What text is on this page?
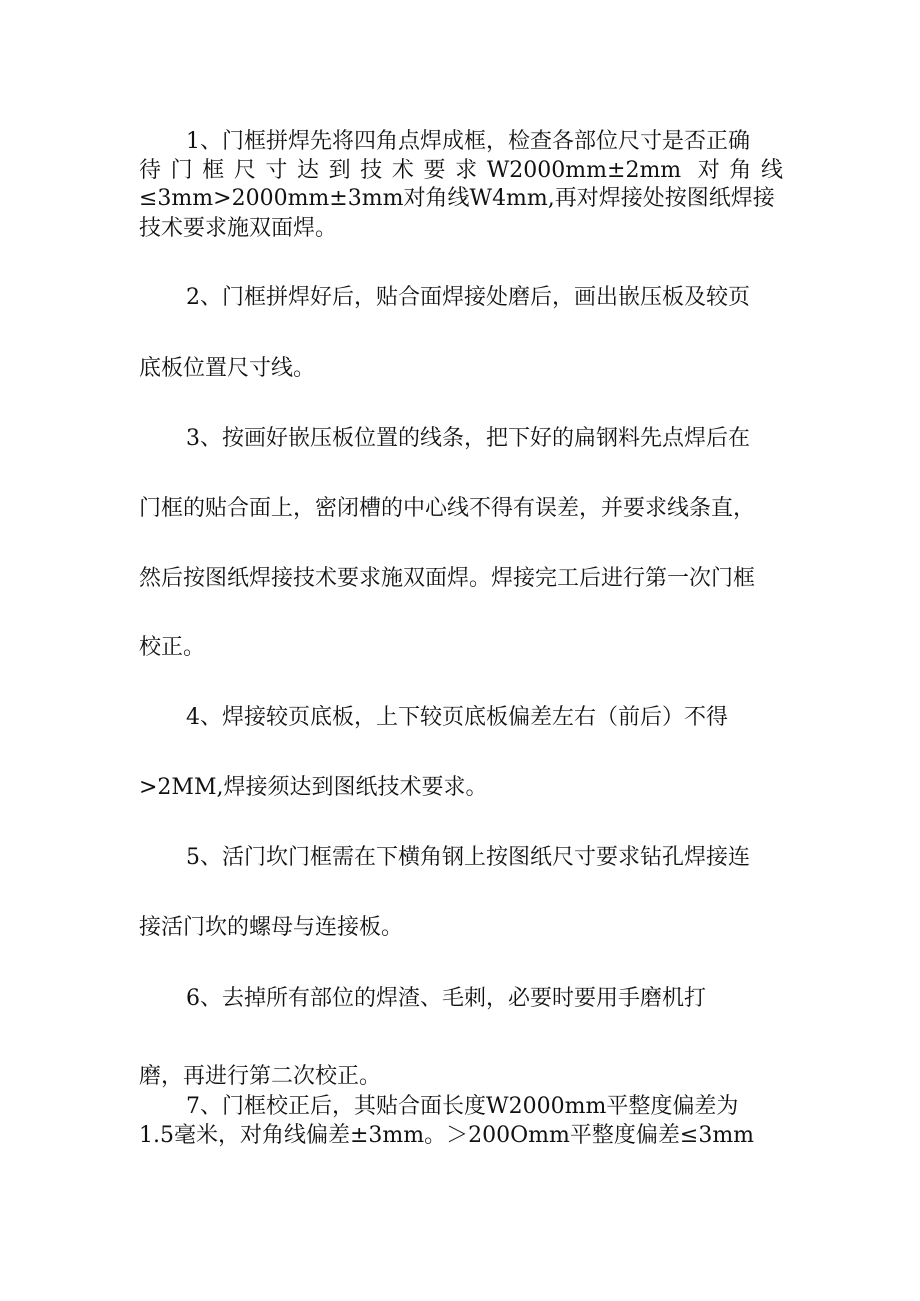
1、门框拼焊先将四角点焊成框，检查各部位尺寸是否正确

待门框尺寸达到技术要求W2000mm±2mm 对角线

≤3mm>2000mm±3mm对角线W4mm,再对焊接处按图纸焊接

技术要求施双面焊。

2、门框拼焊好后，贴合面焊接处磨后，画出嵌压板及较页

底板位置尺寸线。

3、按画好嵌压板位置的线条，把下好的扁钢料先点焊后在

门框的贴合面上，密闭槽的中心线不得有误差，并要求线条直，

然后按图纸焊接技术要求施双面焊。焊接完工后进行第一次门框

校正。

4、焊接较页底板，上下较页底板偏差左右（前后）不得

>2MM,焊接须达到图纸技术要求。

5、活门坎门框需在下横角钢上按图纸尺寸要求钻孔焊接连

接活门坎的螺母与连接板。

6、去掉所有部位的焊渣、毛刺，必要时要用手磨机打

磨，再进行第二次校正。

7、门框校正后，其贴合面长度W2000mm平整度偏差为

1.5毫米，对角线偏差±3mm。＞200Omm平整度偏差≤3mm
